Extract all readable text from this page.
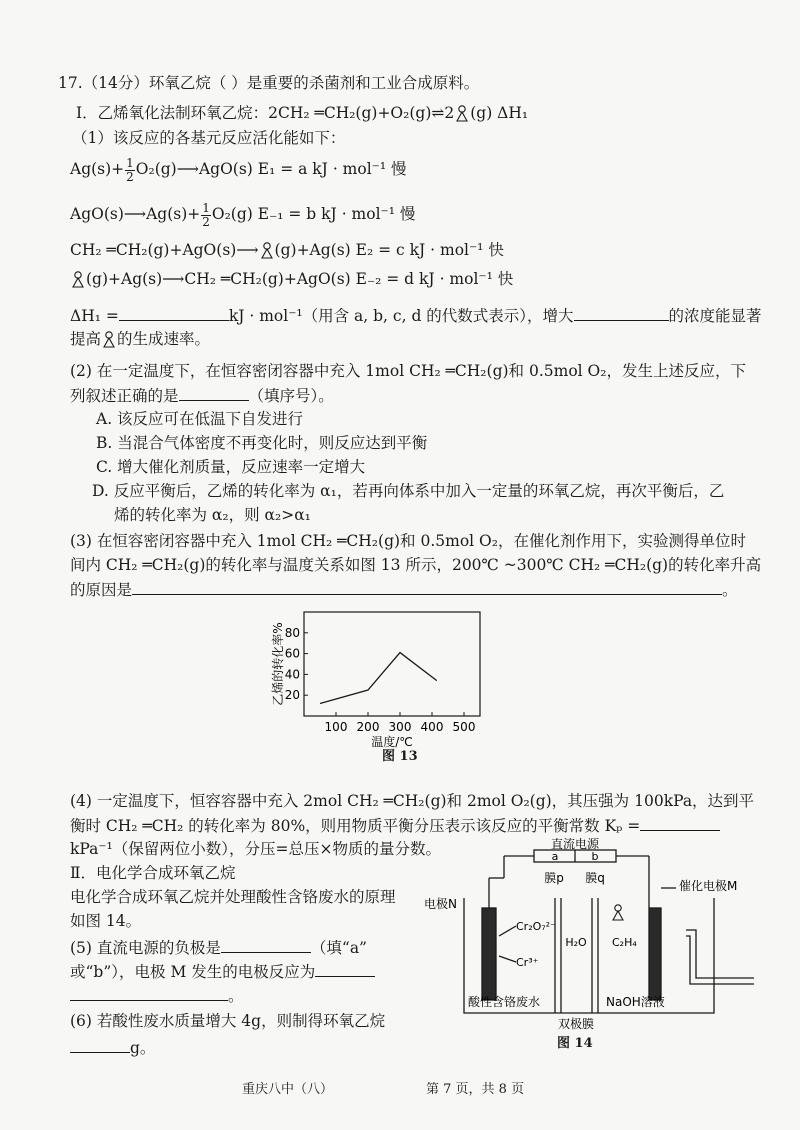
17.（14分）环氧乙烷（ ）是重要的杀菌剂和工业合成原料。
Ⅰ．乙烯氧化法制环氧乙烷：2CH₂ ═CH₂(g)+O₂(g)⇌2 (g) ΔH₁
（1）该反应的各基元反应活化能如下：
$Ag(s)+ \frac{1}{2}$ O₂(g)⟶AgO(s) E₁ = a kJ · mol⁻¹ 慢
AgO(s)⟶Ag(s)+ $\frac{1}{2} O_2(g) E_{-1} = b$ kJ · mol⁻¹ 慢
CH₂ ═CH₂(g)+AgO(s)⟶ (g)+Ag(s) E₂ = c kJ · mol⁻¹ 快
(g)+Ag(s)⟶CH₂ ═CH₂(g)+AgO(s) E₋₂ = d kJ · mol⁻¹ 快
ΔH₁ =	kJ · mol⁻¹（用含 a, b, c, d 的代数式表示），增大	的浓度能显著
提高 的生成速率。
(2) 在一定温度下，在恒容密闭容器中充入 1mol CH₂ ═CH₂(g)和 0.5mol O₂，发生上述反应，下
列叙述正确的是	（填序号）。
A. 该反应可在低温下自发进行
B. 当混合气体密度不再变化时，则反应达到平衡
C. 增大催化剂质量，反应速率一定增大
D. 反应平衡后，乙烯的转化率为 α₁，若再向体系中加入一定量的环氧乙烷，再次平衡后，乙
烯的转化率为 α₂，则 α₂>α₁
(3) 在恒容密闭容器中充入 1mol CH₂ ═CH₂(g)和 0.5mol O₂，在催化剂作用下，实验测得单位时
间内 CH₂ ═CH₂(g)的转化率与温度关系如图 13 所示，200℃ ~300℃ CH₂ ═CH₂(g)的转化率升高
的原因是	。
20
40
60
80
100 200 300 400 500
温度/℃
乙烯的转化率%
图 13
(4) 一定温度下，恒容容器中充入 2mol CH₂ ═CH₂(g)和 2mol O₂(g)，其压强为 100kPa，达到平
衡时 CH₂ ═CH₂ 的转化率为 80%，则用物质平衡分压表示该反应的平衡常数 Kₚ =
kPa⁻¹（保留两位小数），分压=总压×物质的量分数。
Ⅱ．电化学合成环氧乙烷
电化学合成环氧乙烷并处理酸性含铬废水的原理
如图 14。
(5) 直流电源的负极是	（填“a”
或“b”），电极 M 发生的电极反应为
。
(6) 若酸性废水质量增大 4g，则制得环氧乙烷
g。
直流电源
a	b
膜p 膜q
电极N
催化电极M
Cr₂O₇²⁻
Cr³⁺
H₂O C₂H₄
酸性含铬废水	NaOH溶液
双极膜
图 14
重庆八中（八）	第 7 页，共 8 页
